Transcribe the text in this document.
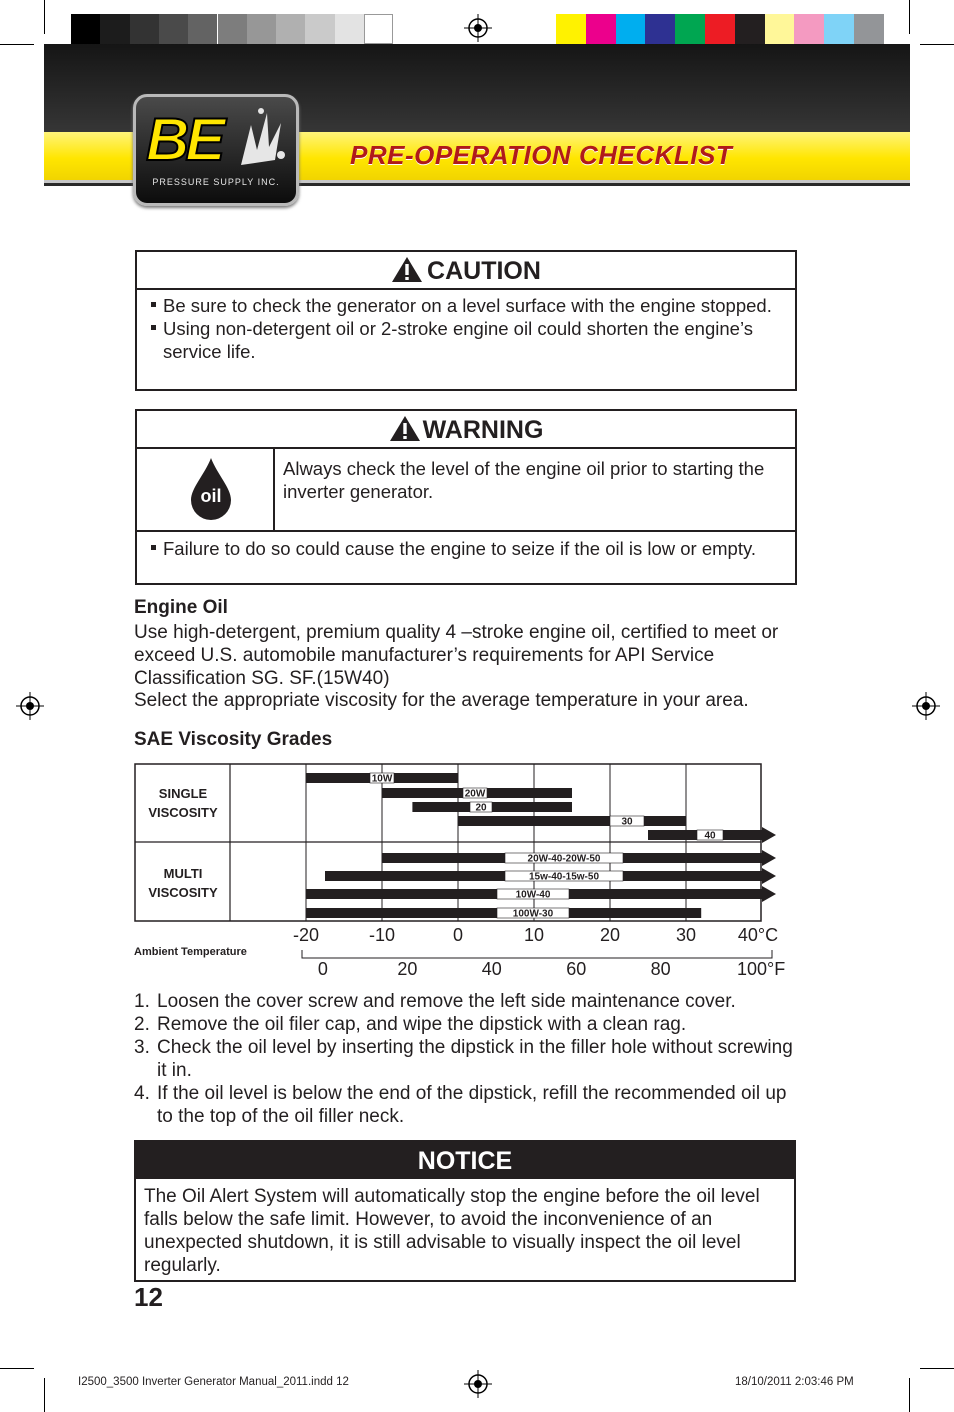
BE
PRESSURE SUPPLY INC.
PRE-OPERATION CHECKLIST
CAUTION
Be sure to check the generator on a level surface with the engine stopped.
Using non-detergent oil or 2-stroke engine oil could shorten the engine’s service life.
WARNING
oil
Always check the level of the engine oil prior to starting the inverter generator.
Failure to do so could cause the engine to seize if the oil is low or empty.
Engine Oil
Use high-detergent, premium quality 4 –stroke engine oil, certified to meet or exceed U.S. automobile manufacturer’s requirements for API Service Classification SG. SF.(15W40)
Select the appropriate viscosity for the average temperature in your area.
SAE Viscosity Grades
10W
20W
20
30
40
20W-40-20W-50
15w-40-15w-50
10W-40
100W-30
-20	-10	0	10	20	30 40°C
0	20	40	60	80	100°F
SINGLE VISCOSITY
MULTI VISCOSITY
Ambient Temperature
1. Loosen the cover screw and remove the left side maintenance cover.
2. Remove the oil filer cap, and wipe the dipstick with a clean rag.
3. Check the oil level by inserting the dipstick in the filler hole without screwing it in.
4. If the oil level is below the end of the dipstick, refill the recommended oil up to the top of the oil filler neck.
NOTICE
The Oil Alert System will automatically stop the engine before the oil level falls below the safe limit. However, to avoid the inconvenience of an unexpected shutdown, it is still advisable to visually inspect the oil level regularly.
12
I2500_3500 Inverter Generator Manual_2011.indd 12	18/10/2011 2:03:46 PM
